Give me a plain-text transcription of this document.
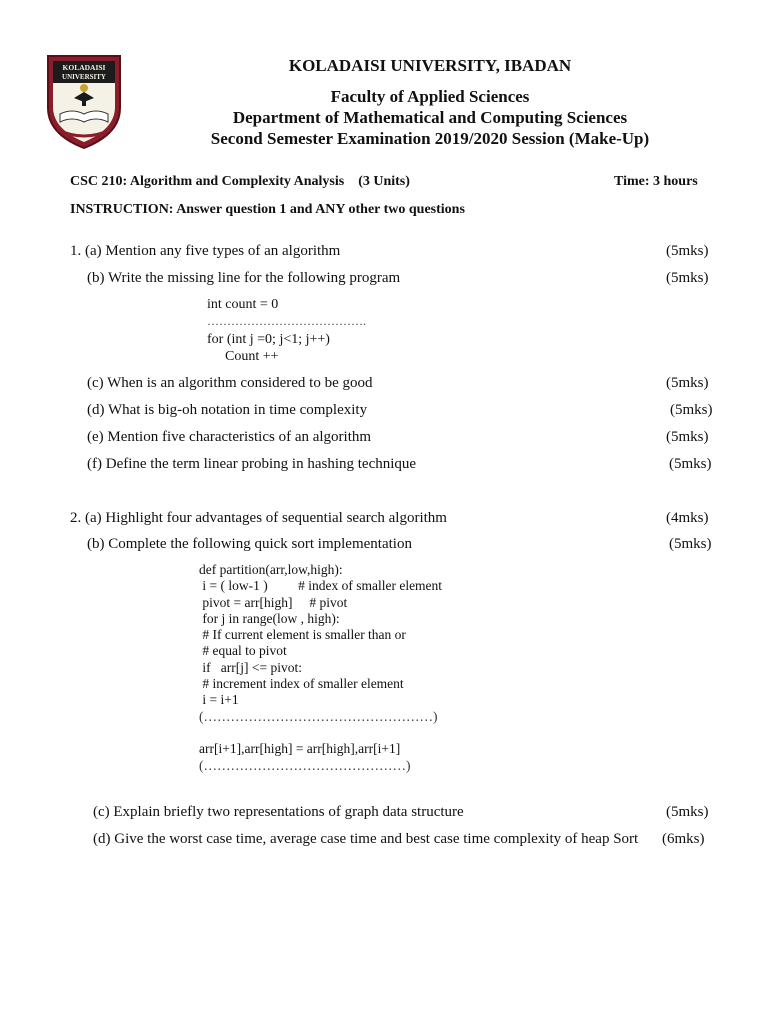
KOLADAISI
UNIVERSITY
KOLADAISI UNIVERSITY, IBADAN
Faculty of Applied Sciences
Department of Mathematical and Computing Sciences
Second Semester Examination 2019/2020 Session (Make-Up)
CSC 210: Algorithm and Complexity Analysis    (3 Units)	Time: 3 hours
INSTRUCTION: Answer question 1 and ANY other two questions
1. (a) Mention any five types of an algorithm	(5mks)
(b) Write the missing line for the following program	(5mks)
int count = 0
………………………………….
for (int j =0; j<1; j++)
Count ++
(c) When is an algorithm considered to be good	(5mks)
(d) What is big-oh notation in time complexity	(5mks)
(e) Mention five characteristics of an algorithm	(5mks)
(f) Define the term linear probing in hashing technique	(5mks)
2. (a) Highlight four advantages of sequential search algorithm	(4mks)
(b) Complete the following quick sort implementation	(5mks)
def partition(arr,low,high):
i = ( low-1 )         # index of smaller element
pivot = arr[high]     # pivot
for j in range(low , high):
# If current element is smaller than or
# equal to pivot
if   arr[j] <= pivot:
# increment index of smaller element
i = i+1
(……………………………………………)
arr[i+1],arr[high] = arr[high],arr[i+1]
(………………………………………)
(c) Explain briefly two representations of graph data structure	(5mks)
(d) Give the worst case time, average case time and best case time complexity of heap Sort (6mks)
